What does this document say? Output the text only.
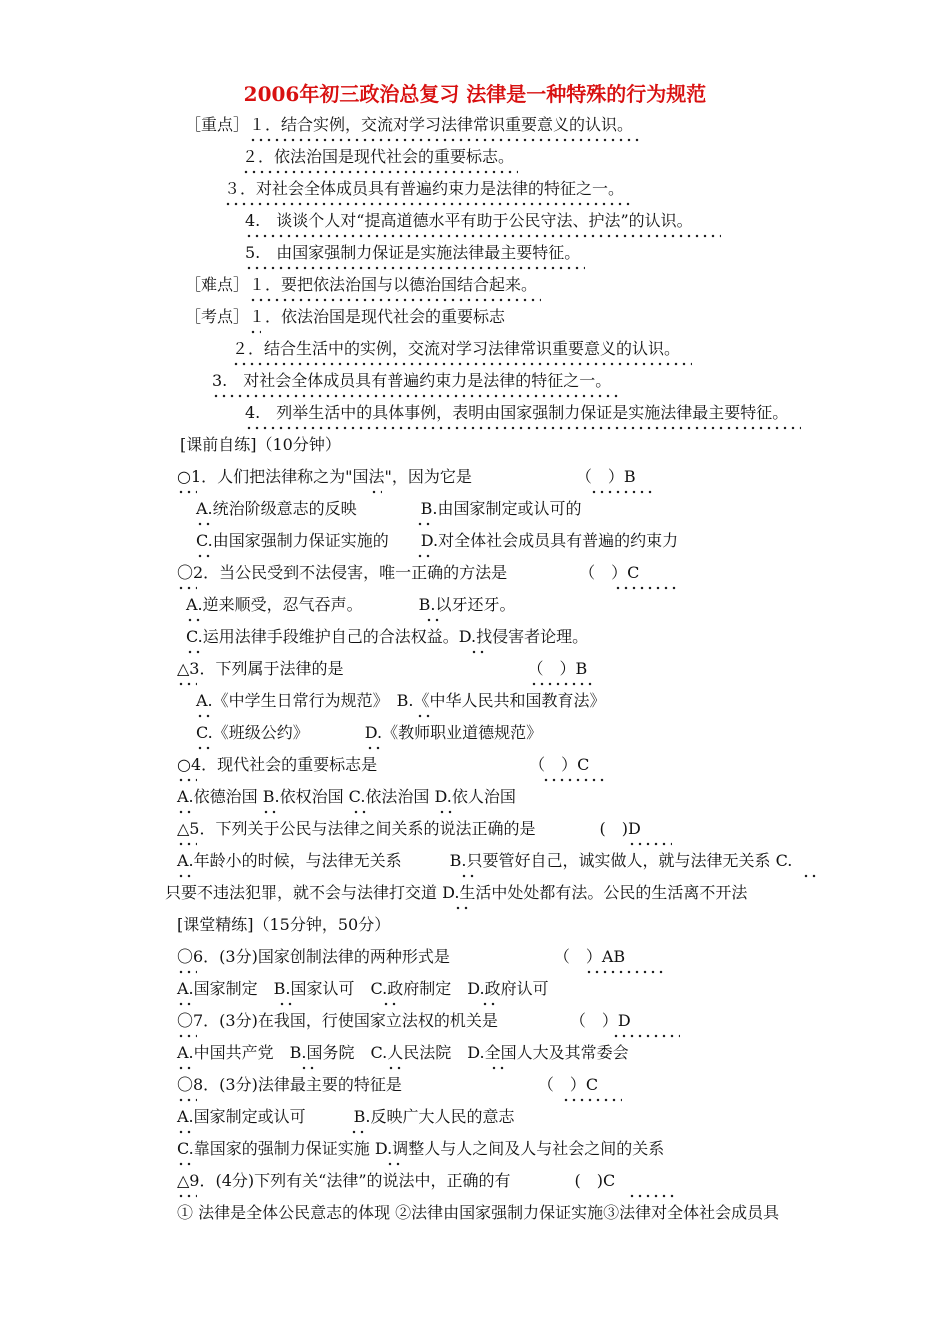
2006年初三政治总复习 法律是一种特殊的行为规范
［重点］１．结合实例，交流对学习法律常识重要意义的认识。
２．依法治国是现代社会的重要标志。
３．对社会全体成员具有普遍约束力是法律的特征之一。
4.　谈谈个人对“提高道德水平有助于公民守法、护法”的认识。
5.　由国家强制力保证是实施法律最主要特征。
［难点］１．要把依法治国与以德治国结合起来。
［考点］１．依法治国是现代社会的重要标志
２．结合生活中的实例，交流对学习法律常识重要意义的认识。
3.　对社会全体成员具有普遍约束力是法律的特征之一。
4.　列举生活中的具体事例，表明由国家强制力保证是实施法律最主要特征。
[课前自练]（10分钟）
○1．人们把法律称之为"国法"，因为它是　　　　　　　（　）B
A.统治阶级意志的反映　　　　B.由国家制定或认可的
C.由国家强制力保证实施的　　D.对全体社会成员具有普遍的约束力
〇2．当公民受到不法侵害，唯一正确的方法是　　　　　（　）C
A.逆来顺受，忍气吞声。　　　　B.以牙还牙。
C.运用法律手段维护自己的合法权益。D.找侵害者论理。
△3．下列属于法律的是　　　　　　　　　　　　（　）B
A.《中学生日常行为规范》　B.《中华人民共和国教育法》
C.《班级公约》　　　　D.《教师职业道德规范》
○4．现代社会的重要标志是　　　　　　　　　　（　）C
A.依德治国 B.依权治国 C.依法治国 D.依人治国
△5．下列关于公民与法律之间关系的说法正确的是　　　　(　)D
A.年龄小的时候，与法律无关系　　　B.只要管好自己，诚实做人，就与法律无关系 C.
只要不违法犯罪，就不会与法律打交道 D.生活中处处都有法。公民的生活离不开法
[课堂精练]（15分钟，50分）
〇6．(3分)国家创制法律的两种形式是　　　　　　　（　）AB
A.国家制定　B.国家认可　C.政府制定　D.政府认可
〇7．(3分)在我国，行使国家立法权的机关是　　　　　（　）D
A.中国共产党　B.国务院　C.人民法院　D.全国人大及其常委会
〇8．(3分)法律最主要的特征是　　　　　　　　　（　）C
A.国家制定或认可　　　B.反映广大人民的意志
C.靠国家的强制力保证实施 D.调整人与人之间及人与社会之间的关系
△9．(4分)下列有关“法律”的说法中，正确的有　　　　(　)C
① 法律是全体公民意志的体现 ②法律由国家强制力保证实施③法律对全体社会成员具
